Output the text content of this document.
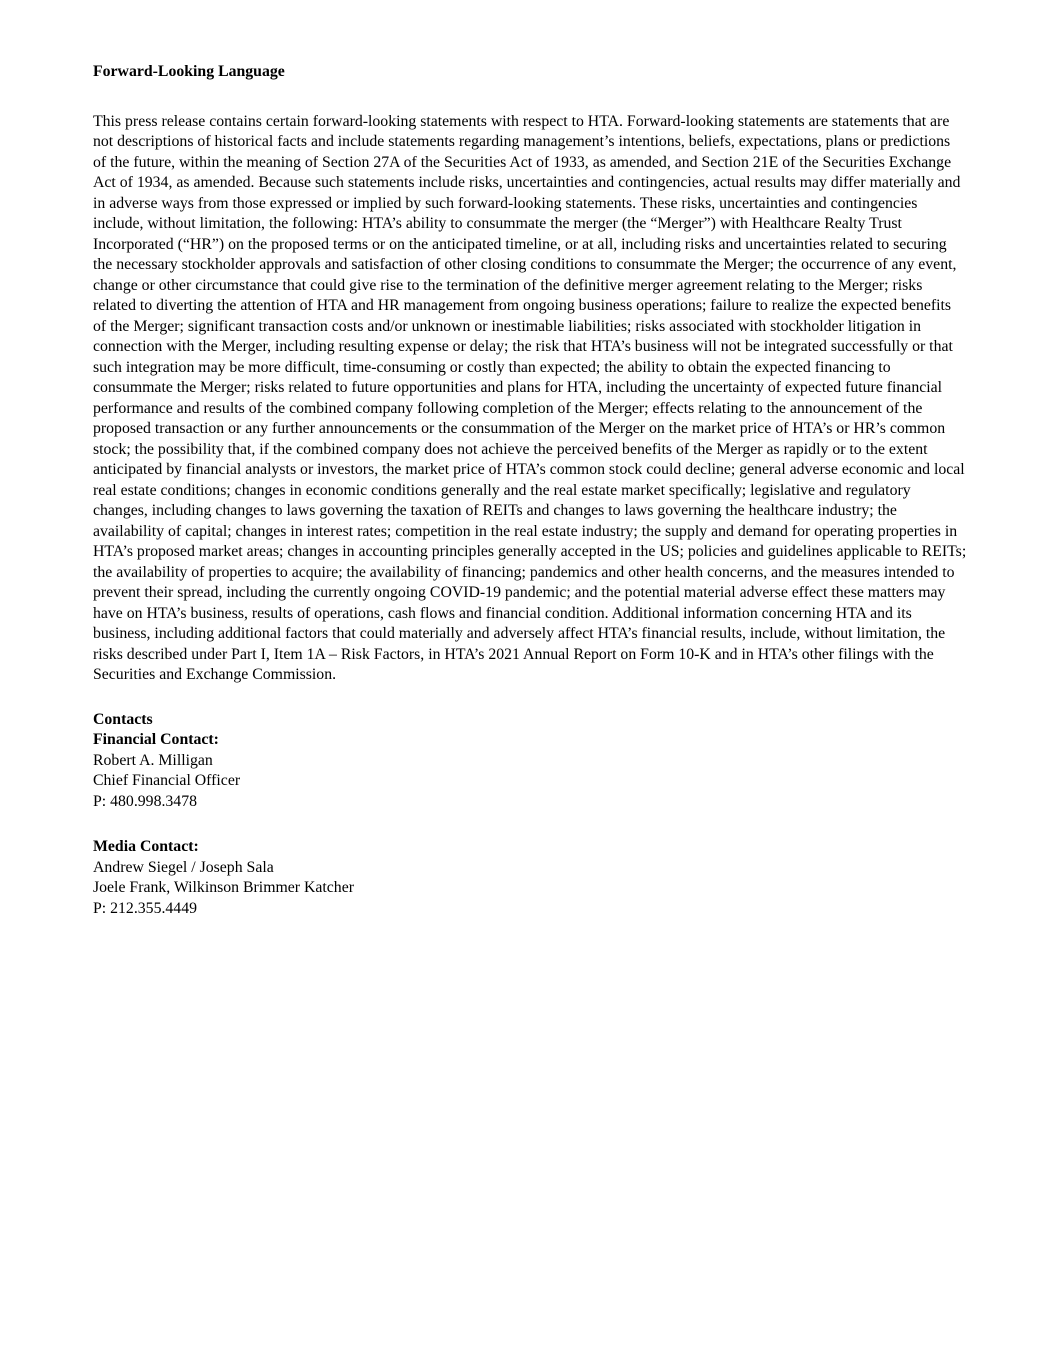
Forward-Looking Language

This press release contains certain forward-looking statements with respect to HTA. Forward-looking statements are statements that are not descriptions of historical facts and include statements regarding management’s intentions, beliefs, expectations, plans or predictions of the future, within the meaning of Section 27A of the Securities Act of 1933, as amended, and Section 21E of the Securities Exchange Act of 1934, as amended. Because such statements include risks, uncertainties and contingencies, actual results may differ materially and in adverse ways from those expressed or implied by such forward-looking statements. These risks, uncertainties and contingencies include, without limitation, the following: HTA’s ability to consummate the merger (the “Merger”) with Healthcare Realty Trust Incorporated (“HR”) on the proposed terms or on the anticipated timeline, or at all, including risks and uncertainties related to securing the necessary stockholder approvals and satisfaction of other closing conditions to consummate the Merger; the occurrence of any event, change or other circumstance that could give rise to the termination of the definitive merger agreement relating to the Merger; risks related to diverting the attention of HTA and HR management from ongoing business operations; failure to realize the expected benefits of the Merger; significant transaction costs and/or unknown or inestimable liabilities; risks associated with stockholder litigation in connection with the Merger, including resulting expense or delay; the risk that HTA’s business will not be integrated successfully or that such integration may be more difficult, time-consuming or costly than expected; the ability to obtain the expected financing to consummate the Merger; risks related to future opportunities and plans for HTA, including the uncertainty of expected future financial performance and results of the combined company following completion of the Merger; effects relating to the announcement of the proposed transaction or any further announcements or the consummation of the Merger on the market price of HTA’s or HR’s common stock; the possibility that, if the combined company does not achieve the perceived benefits of the Merger as rapidly or to the extent anticipated by financial analysts or investors, the market price of HTA’s common stock could decline; general adverse economic and local real estate conditions; changes in economic conditions generally and the real estate market specifically; legislative and regulatory changes, including changes to laws governing the taxation of REITs and changes to laws governing the healthcare industry; the availability of capital; changes in interest rates; competition in the real estate industry; the supply and demand for operating properties in HTA’s proposed market areas; changes in accounting principles generally accepted in the US; policies and guidelines applicable to REITs; the availability of properties to acquire; the availability of financing; pandemics and other health concerns, and the measures intended to prevent their spread, including the currently ongoing COVID-19 pandemic; and the potential material adverse effect these matters may have on HTA’s business, results of operations, cash flows and financial condition. Additional information concerning HTA and its business, including additional factors that could materially and adversely affect HTA’s financial results, include, without limitation, the risks described under Part I, Item 1A – Risk Factors, in HTA’s 2021 Annual Report on Form 10-K and in HTA’s other filings with the Securities and Exchange Commission.

Contacts
Financial Contact:
Robert A. Milligan
Chief Financial Officer
P: 480.998.3478
Media Contact:
Andrew Siegel / Joseph Sala
Joele Frank, Wilkinson Brimmer Katcher
P: 212.355.4449
